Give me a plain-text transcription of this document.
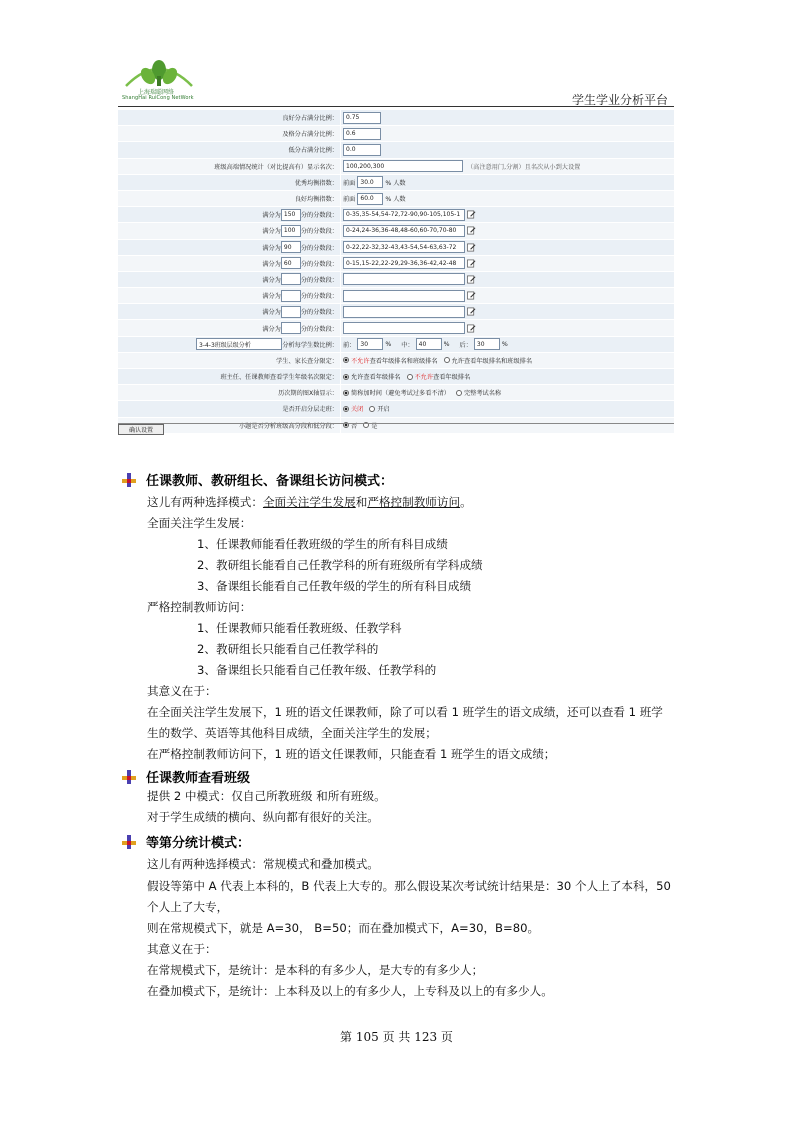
上海瑞聪网络
ShangHai RuiCong NetWork	学生学业分析平台
良好分占满分比例：	0.75
及格分占满分比例：	0.6
低分占满分比例：	0.0
班级高端情况统计（对比提高有）显示名次：	100,200,300	（高注意用门,分割）且名次从小到大设置
优秀均衡指数： 前面 30.0	% 人数
良好均衡指数： 前面 60.0	% 人数
满分为 150 分的分数段：	0-35,35-54,54-72,72-90,90-105,105-1
满分为 100 分的分数段：	0-24,24-36,36-48,48-60,60-70,70-80
满分为 90	分的分数段：	0-22,22-32,32-43,43-54,54-63,63-72
满分为 60	分的分数段：	0-15,15-22,22-29,29-36,36-42,42-48
满分为	分的分数段：
满分为	分的分数段：
满分为	分的分数段：
满分为	分的分数段：
3-4-3班级层级分析	分析每学生数比例： 前： 30	% 中： 40	% 后： 30	%
学生、家长查分限定：	不允许查看年级排名和班级排名 允许查看年级排名和班级排名
班主任、任课教师查看学生年级名次限定：	允许查看年级排名 不允许查看年级排名
历次期的图X轴显示：	简称加时间（避免考试过多看不清） 完整考试名称
是否开启分层走班：	关闭 开启
小题是否分析班级高分段和低分段：	否 是
确认设置
任课教师、教研组长、备课组长访问模式：
这儿有两种选择模式：全面关注学生发展和严格控制教师访问。
全面关注学生发展：
1、任课教师能看任教班级的学生的所有科目成绩
2、教研组长能看自己任教学科的所有班级所有学科成绩
3、备课组长能看自己任教年级的学生的所有科目成绩
严格控制教师访问：
1、任课教师只能看任教班级、任教学科
2、教研组长只能看自己任教学科的
3、备课组长只能看自己任教年级、任教学科的
其意义在于：
在全面关注学生发展下，1 班的语文任课教师，除了可以看 1 班学生的语文成绩，还可以查看 1 班学
生的数学、英语等其他科目成绩，全面关注学生的发展；
在严格控制教师访问下，1 班的语文任课教师，只能查看 1 班学生的语文成绩；
任课教师查看班级
提供 2 中模式：仅自己所教班级 和所有班级。
对于学生成绩的横向、纵向都有很好的关注。
等第分统计模式：
这儿有两种选择模式：常规模式和叠加模式。
假设等第中 A 代表上本科的，B 代表上大专的。那么假设某次考试统计结果是：30 个人上了本科，50
个人上了大专，
则在常规模式下，就是 A=30， B=50；而在叠加模式下，A=30，B=80。
其意义在于：
在常规模式下，是统计：是本科的有多少人，是大专的有多少人；
在叠加模式下，是统计：上本科及以上的有多少人，上专科及以上的有多少人。
第 105 页 共 123 页
